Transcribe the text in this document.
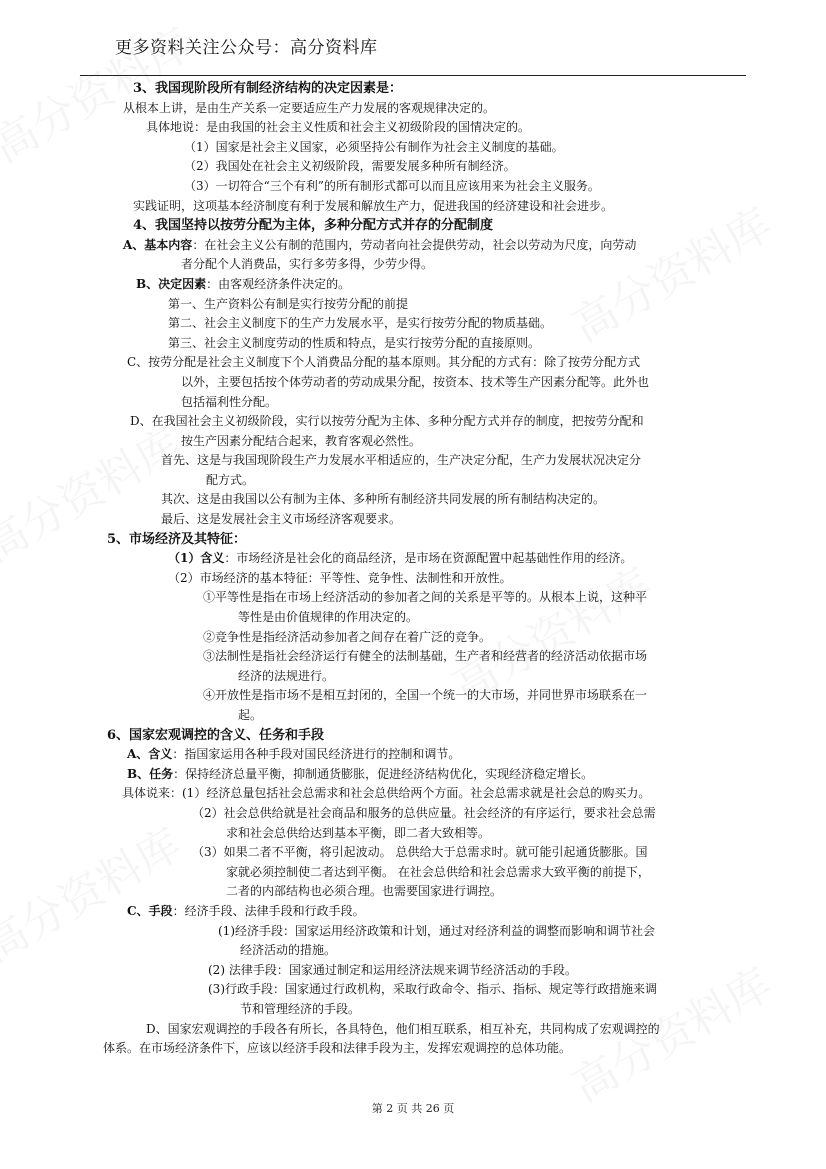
更多资料关注公众号：高分资料库
3、我国现阶段所有制经济结构的决定因素是：
从根本上讲，是由生产关系一定要适应生产力发展的客观规律决定的。
具体地说：是由我国的社会主义性质和社会主义初级阶段的国情决定的。
（1）国家是社会主义国家，必须坚持公有制作为社会主义制度的基础。
（2）我国处在社会主义初级阶段，需要发展多种所有制经济。
（3）一切符合“三个有利”的所有制形式都可以而且应该用来为社会主义服务。
实践证明，这项基本经济制度有利于发展和解放生产力，促进我国的经济建设和社会进步。
4、我国坚持以按劳分配为主体，多种分配方式并存的分配制度
A、基本内容：在社会主义公有制的范围内，劳动者向社会提供劳动，社会以劳动为尺度，向劳动
者分配个人消费品，实行多劳多得，少劳少得。
B、决定因素：由客观经济条件决定的。
第一、生产资料公有制是实行按劳分配的前提
第二、社会主义制度下的生产力发展水平，是实行按劳分配的物质基础。
第三、社会主义制度劳动的性质和特点，是实行按劳分配的直接原则。
C、按劳分配是社会主义制度下个人消费品分配的基本原则。其分配的方式有：除了按劳分配方式
以外，主要包括按个体劳动者的劳动成果分配，按资本、技术等生产因素分配等。此外也
包括福利性分配。
D、在我国社会主义初级阶段，实行以按劳分配为主体、多种分配方式并存的制度，把按劳分配和
按生产因素分配结合起来，教育客观必然性。
首先、这是与我国现阶段生产力发展水平相适应的，生产决定分配，生产力发展状况决定分
配方式。
其次、这是由我国以公有制为主体、多种所有制经济共同发展的所有制结构决定的。
最后、这是发展社会主义市场经济客观要求。
5、市场经济及其特征：
（1）含义：市场经济是社会化的商品经济，是市场在资源配置中起基础性作用的经济。
（2）市场经济的基本特征：平等性、竞争性、法制性和开放性。
①平等性是指在市场上经济活动的参加者之间的关系是平等的。从根本上说，这种平
等性是由价值规律的作用决定的。
②竞争性是指经济活动参加者之间存在着广泛的竞争。
③法制性是指社会经济运行有健全的法制基础，生产者和经营者的经济活动依据市场
经济的法规进行。
④开放性是指市场不是相互封闭的，全国一个统一的大市场，并同世界市场联系在一
起。
6、国家宏观调控的含义、任务和手段
A、含义：指国家运用各种手段对国民经济进行的控制和调节。
B、任务：保持经济总量平衡，抑制通货膨胀，促进经济结构优化，实现经济稳定增长。
具体说来：(1）经济总量包括社会总需求和社会总供给两个方面。社会总需求就是社会总的购买力。
（2）社会总供给就是社会商品和服务的总供应量。社会经济的有序运行，要求社会总需
求和社会总供给达到基本平衡，即二者大致相等。
（3）如果二者不平衡，将引起波动。 总供给大于总需求时。就可能引起通货膨胀。国
家就必须控制使二者达到平衡。 在社会总供给和社会总需求大致平衡的前提下，
二者的内部结构也必须合理。也需要国家进行调控。
C、手段：经济手段、法律手段和行政手段。
(1)经济手段：国家运用经济政策和计划，通过对经济利益的调整而影响和调节社会
经济活动的措施。
(2) 法律手段：国家通过制定和运用经济法规来调节经济活动的手段。
(3)行政手段：国家通过行政机构，采取行政命令、指示、指标、规定等行政措施来调
节和管理经济的手段。
D、国家宏观调控的手段各有所长，各具特色，他们相互联系，相互补充，共同构成了宏观调控的
体系。在市场经济条件下，应该以经济手段和法律手段为主，发挥宏观调控的总体功能。
第 2 页 共 26 页
